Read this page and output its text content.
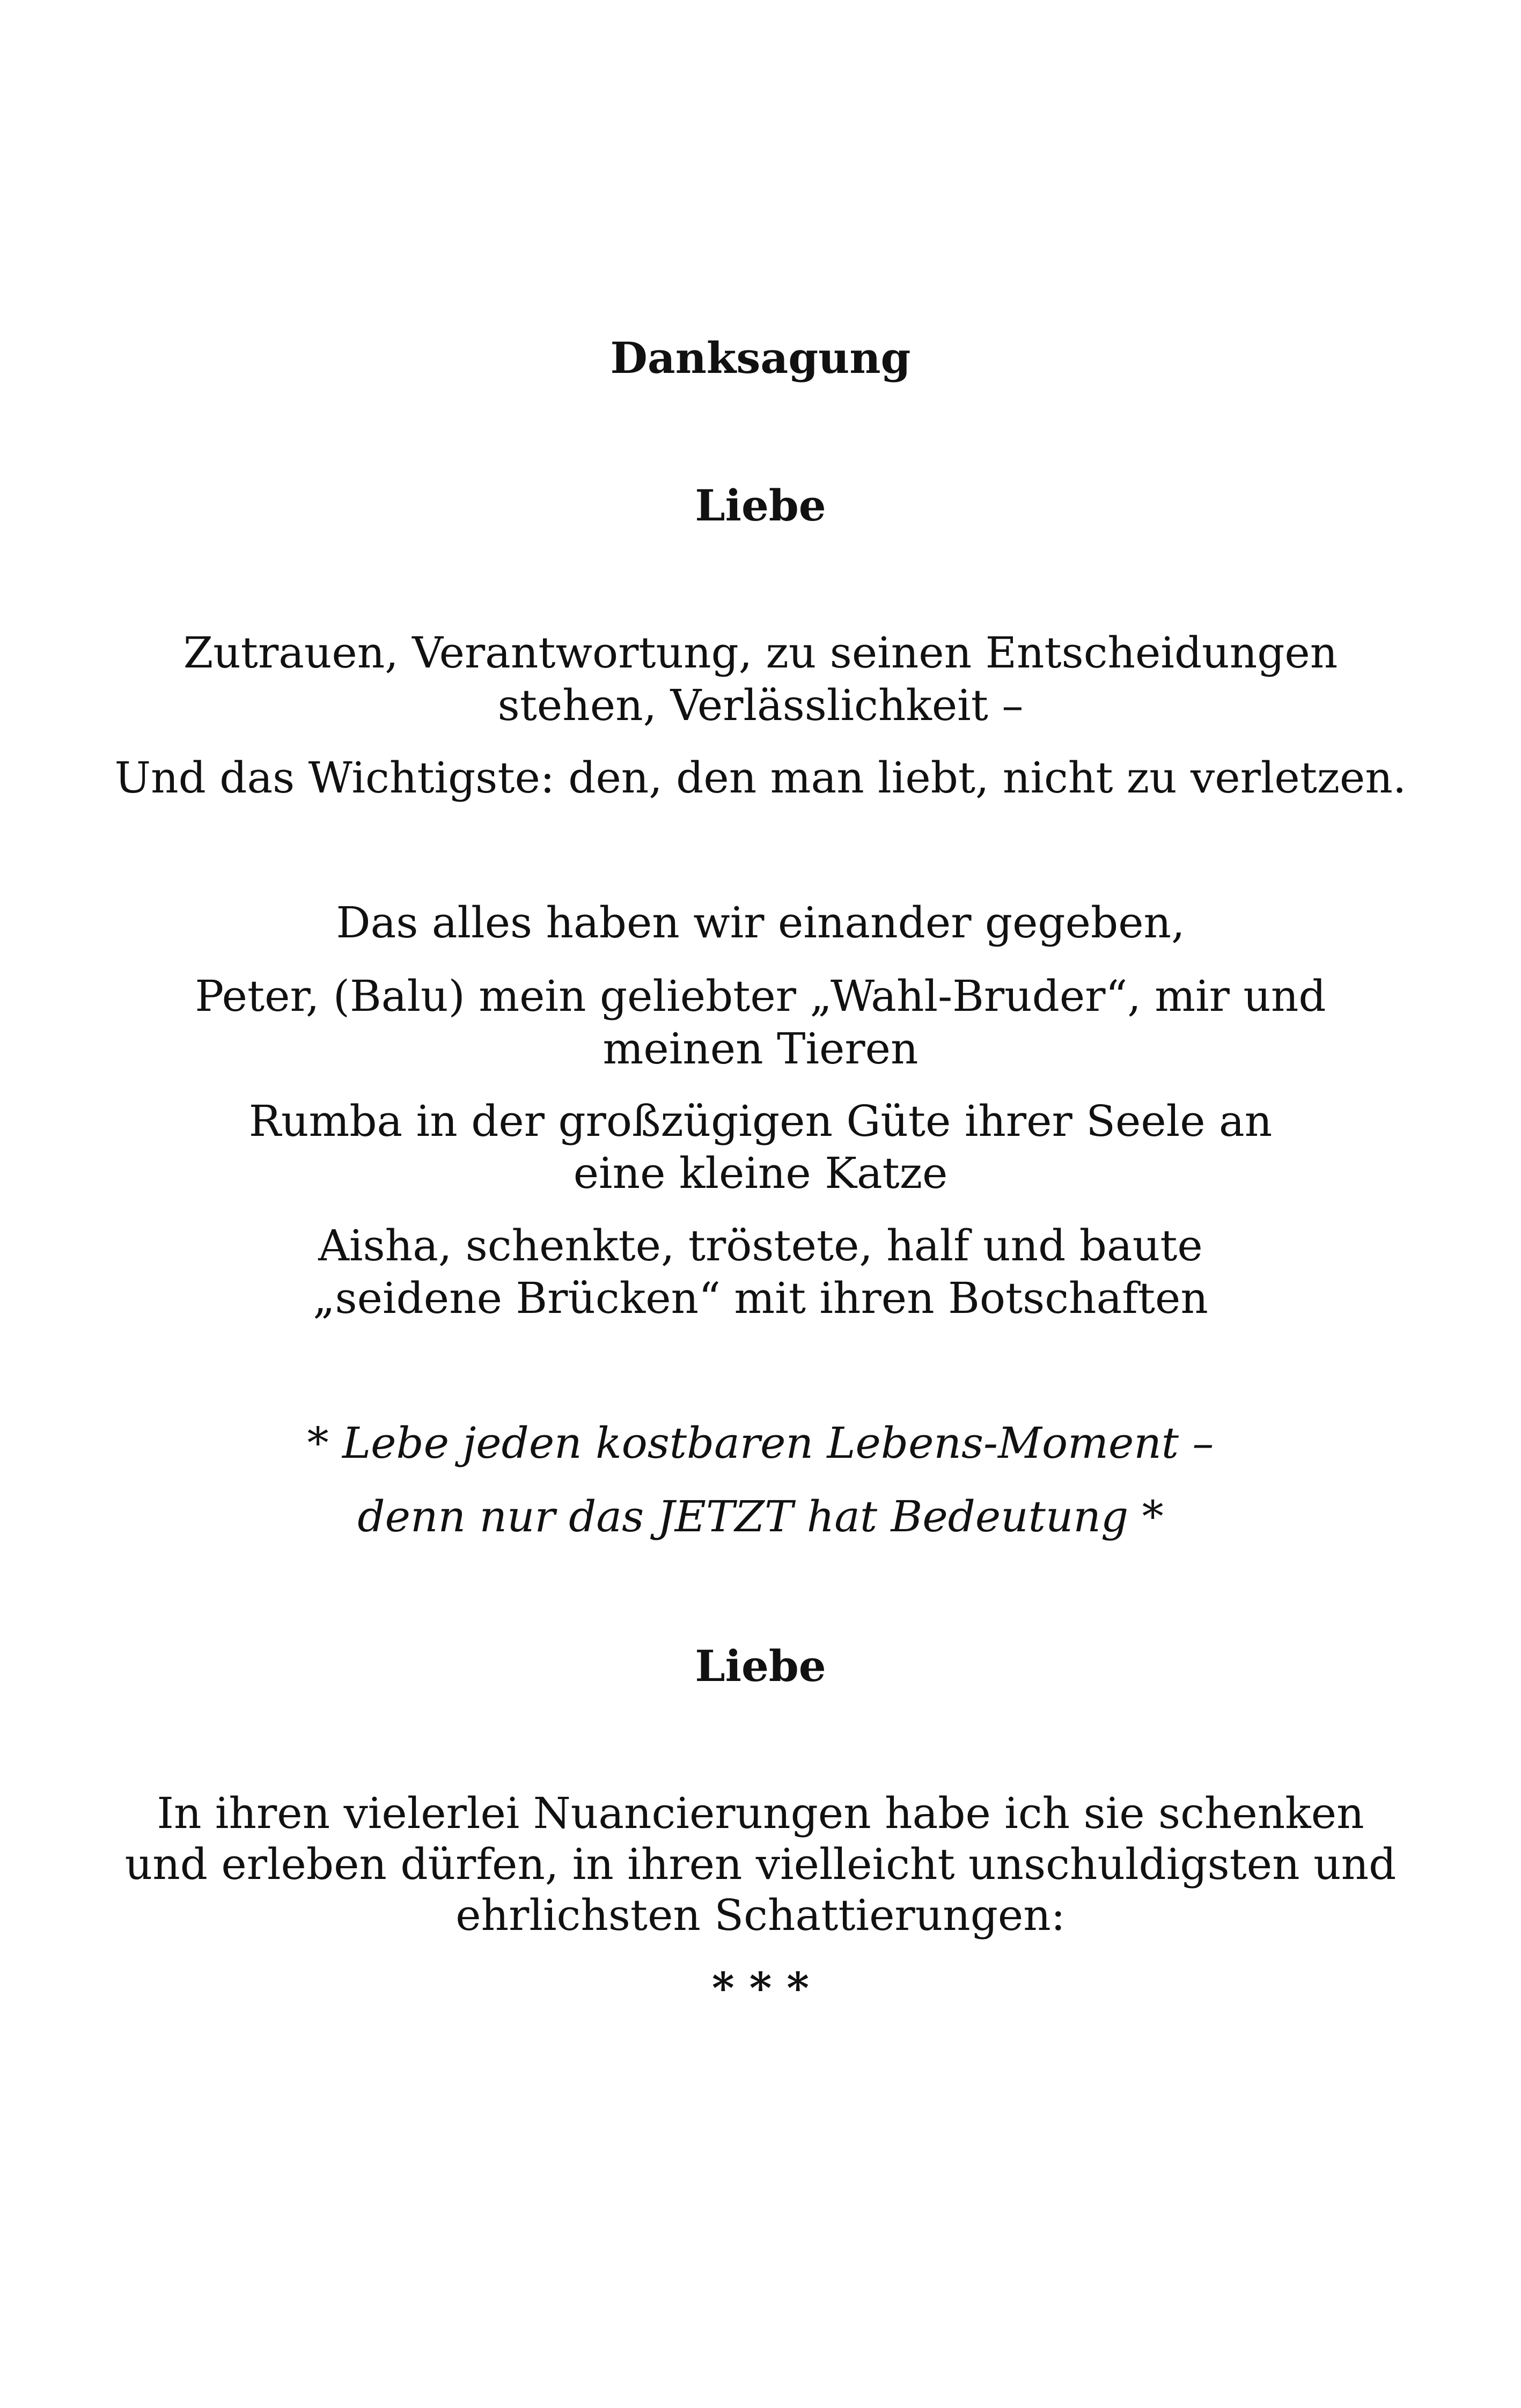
Danksagung
Liebe
Zutrauen, Verantwortung, zu seinen Entscheidungen
stehen, Verlässlichkeit –
Und das Wichtigste: den, den man liebt, nicht zu verletzen.
Das alles haben wir einander gegeben,
Peter, (Balu) mein geliebter „Wahl-Bruder“, mir und
meinen Tieren
Rumba in der großzügigen Güte ihrer Seele an
eine kleine Katze
Aisha, schenkte, tröstete, half und baute
„seidene Brücken“ mit ihren Botschaften
* Lebe jeden kostbaren Lebens-Moment –
denn nur das JETZT hat Bedeutung *
Liebe
In ihren vielerlei Nuancierungen habe ich sie schenken
und erleben dürfen, in ihren vielleicht unschuldigsten und
ehrlichsten Schattierungen:
* * *
